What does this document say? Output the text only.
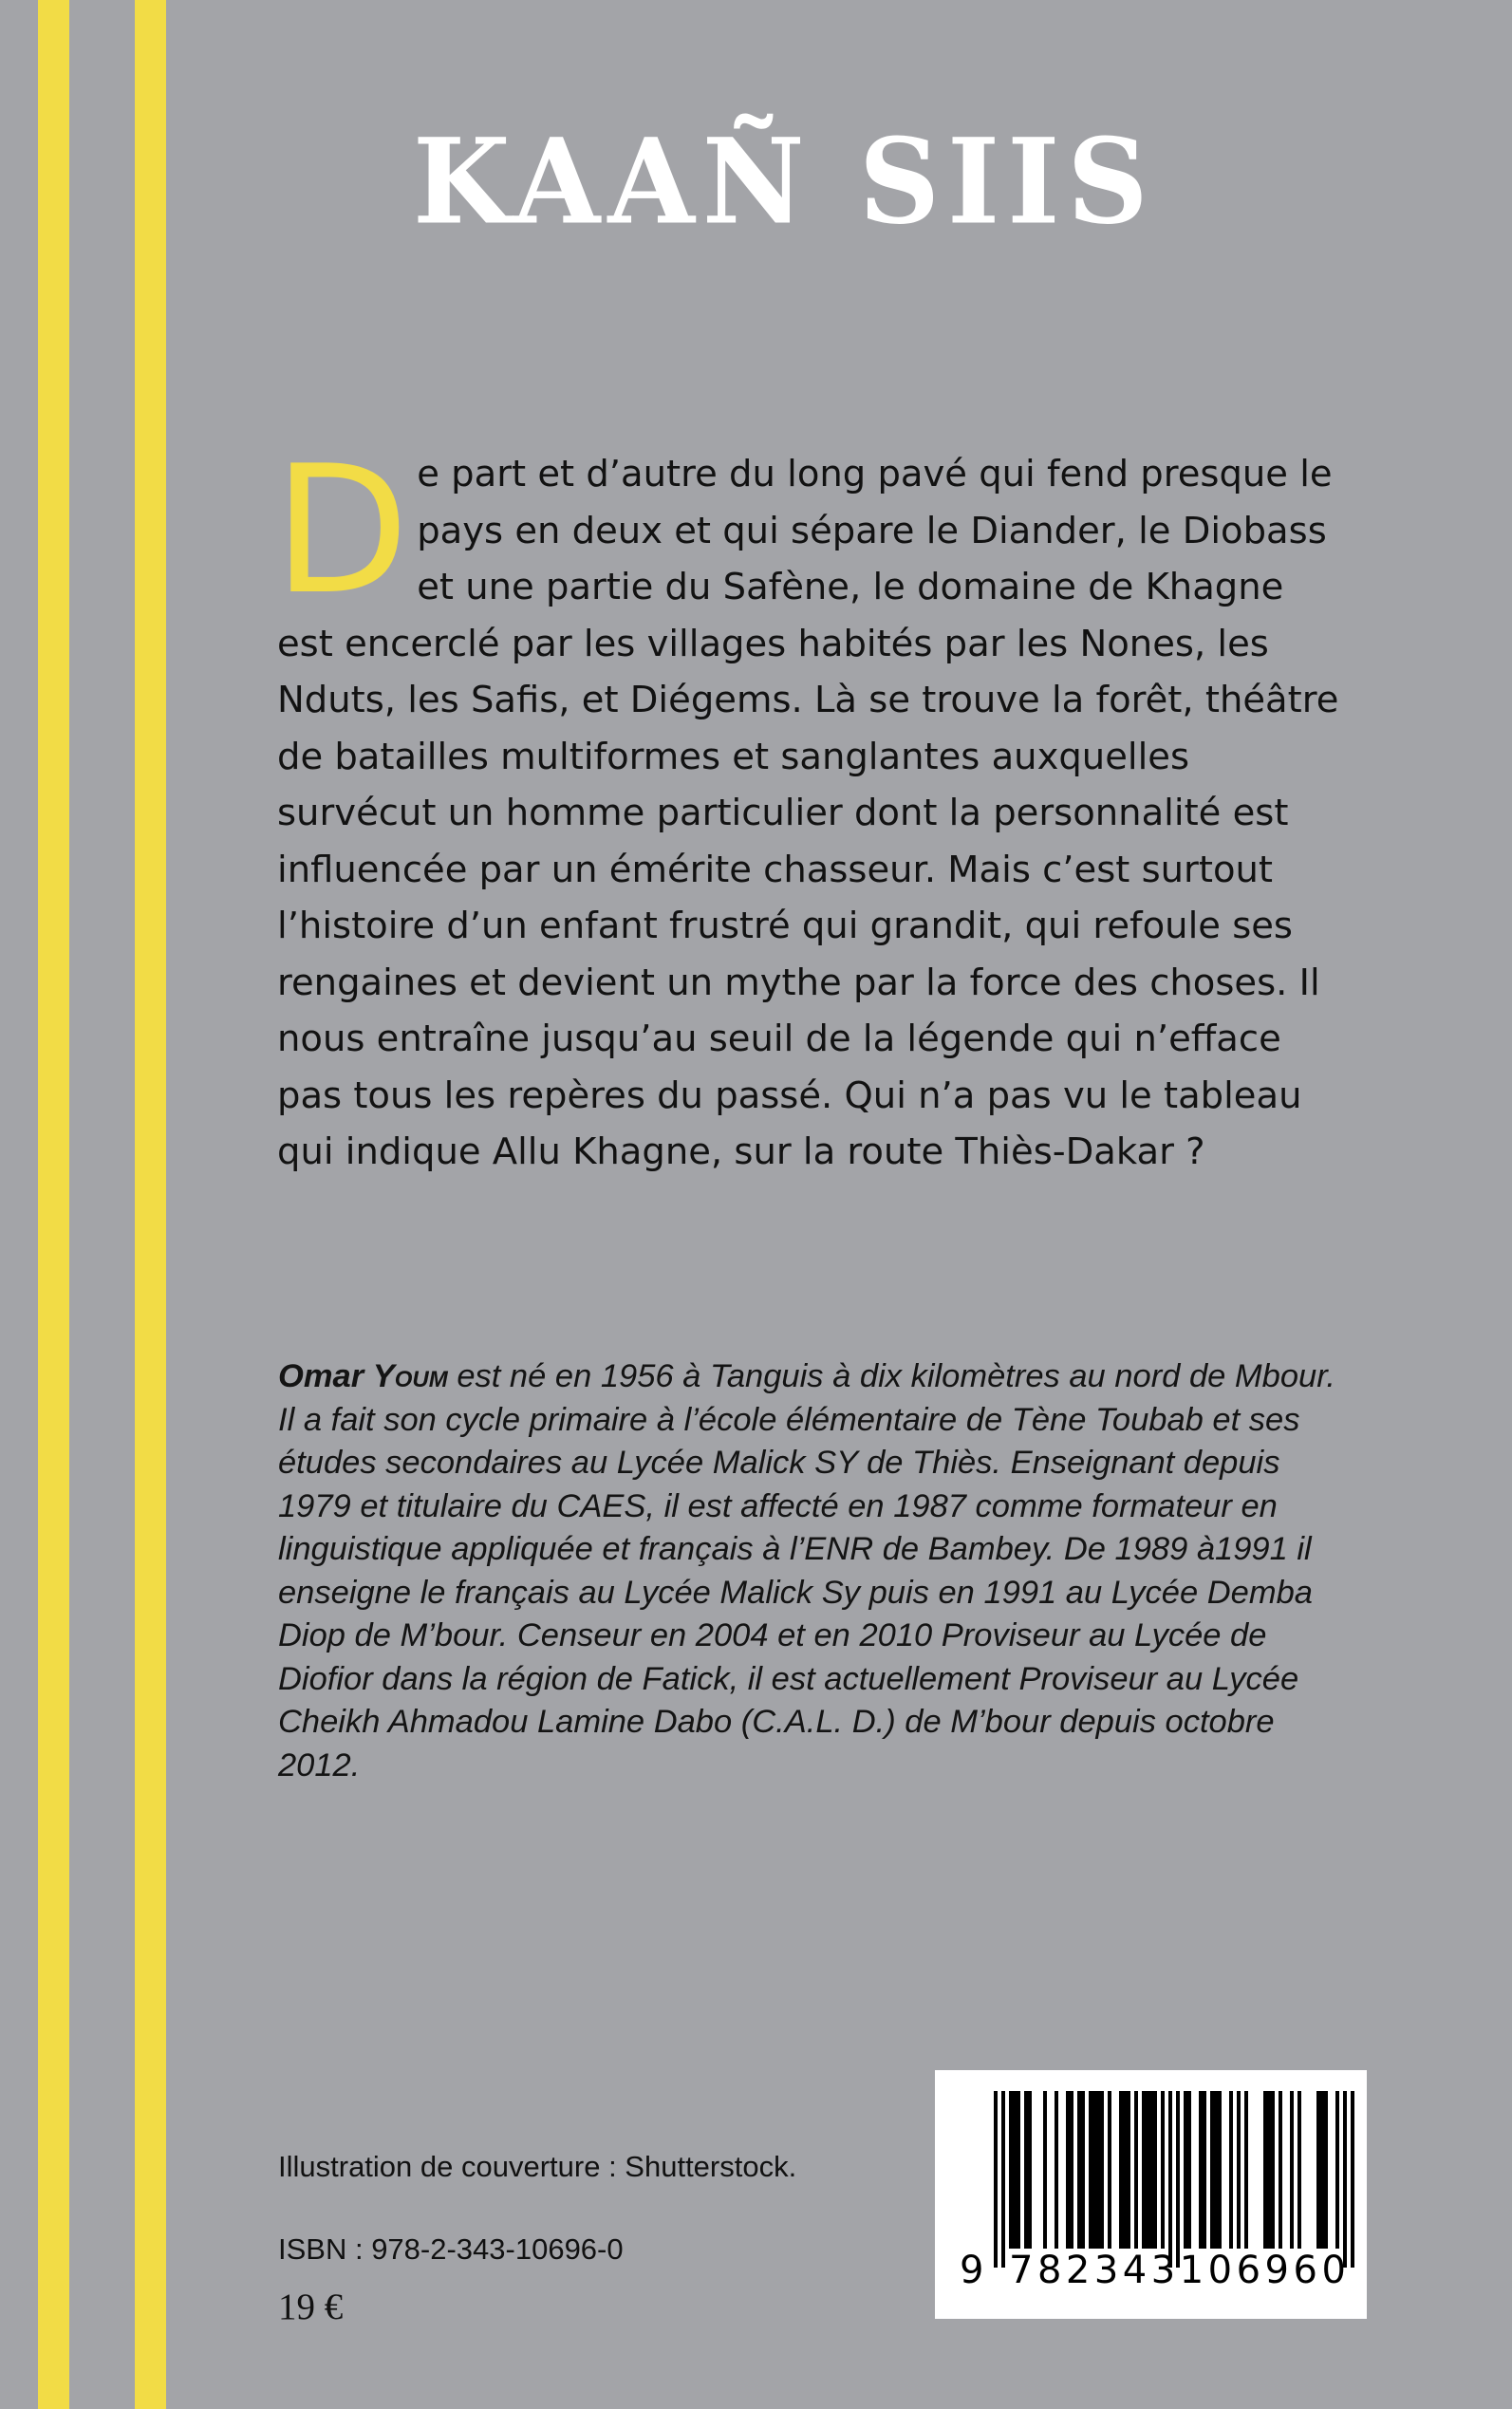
KAAÑ SIIS
De part et d’autre du long pavé qui fend presque le pays en deux et qui sépare le Diander, le Diobass et une partie du Safène, le domaine de Khagne est encerclé par les villages habités par les Nones, les Nduts, les Safis, et Diégems. Là se trouve la forêt, théâtre de batailles multiformes et sanglantes auxquelles survécut un homme particulier dont la personnalité est influencée par un émérite chasseur. Mais c’est surtout l’histoire d’un enfant frustré qui grandit, qui refoule ses rengaines et devient un mythe par la force des choses. Il nous entraîne jusqu’au seuil de la légende qui n’efface pas tous les repères du passé. Qui n’a pas vu le tableau qui indique Allu Khagne, sur la route Thiès-Dakar ?

Omar Youm est né en 1956 à Tanguis à dix kilomètres au nord de Mbour. Il a fait son cycle primaire à l’école élémentaire de Tène Toubab et ses études secondaires au Lycée Malick SY de Thiès. Enseignant depuis 1979 et titulaire du CAES, il est affecté en 1987 comme formateur en linguistique appliquée et français à l’ENR de Bambey. De 1989 à1991 il enseigne le français au Lycée Malick Sy puis en 1991 au Lycée Demba Diop de M’bour. Censeur en 2004 et en 2010 Proviseur au Lycée de Diofior dans la région de Fatick, il est actuellement Proviseur au Lycée Cheikh Ahmadou Lamine Dabo (C.A.L. D.) de M’bour depuis octobre 2012.

Illustration de couverture : Shutterstock.

ISBN : 978-2-343-10696-0

19 €

9 782343106960
